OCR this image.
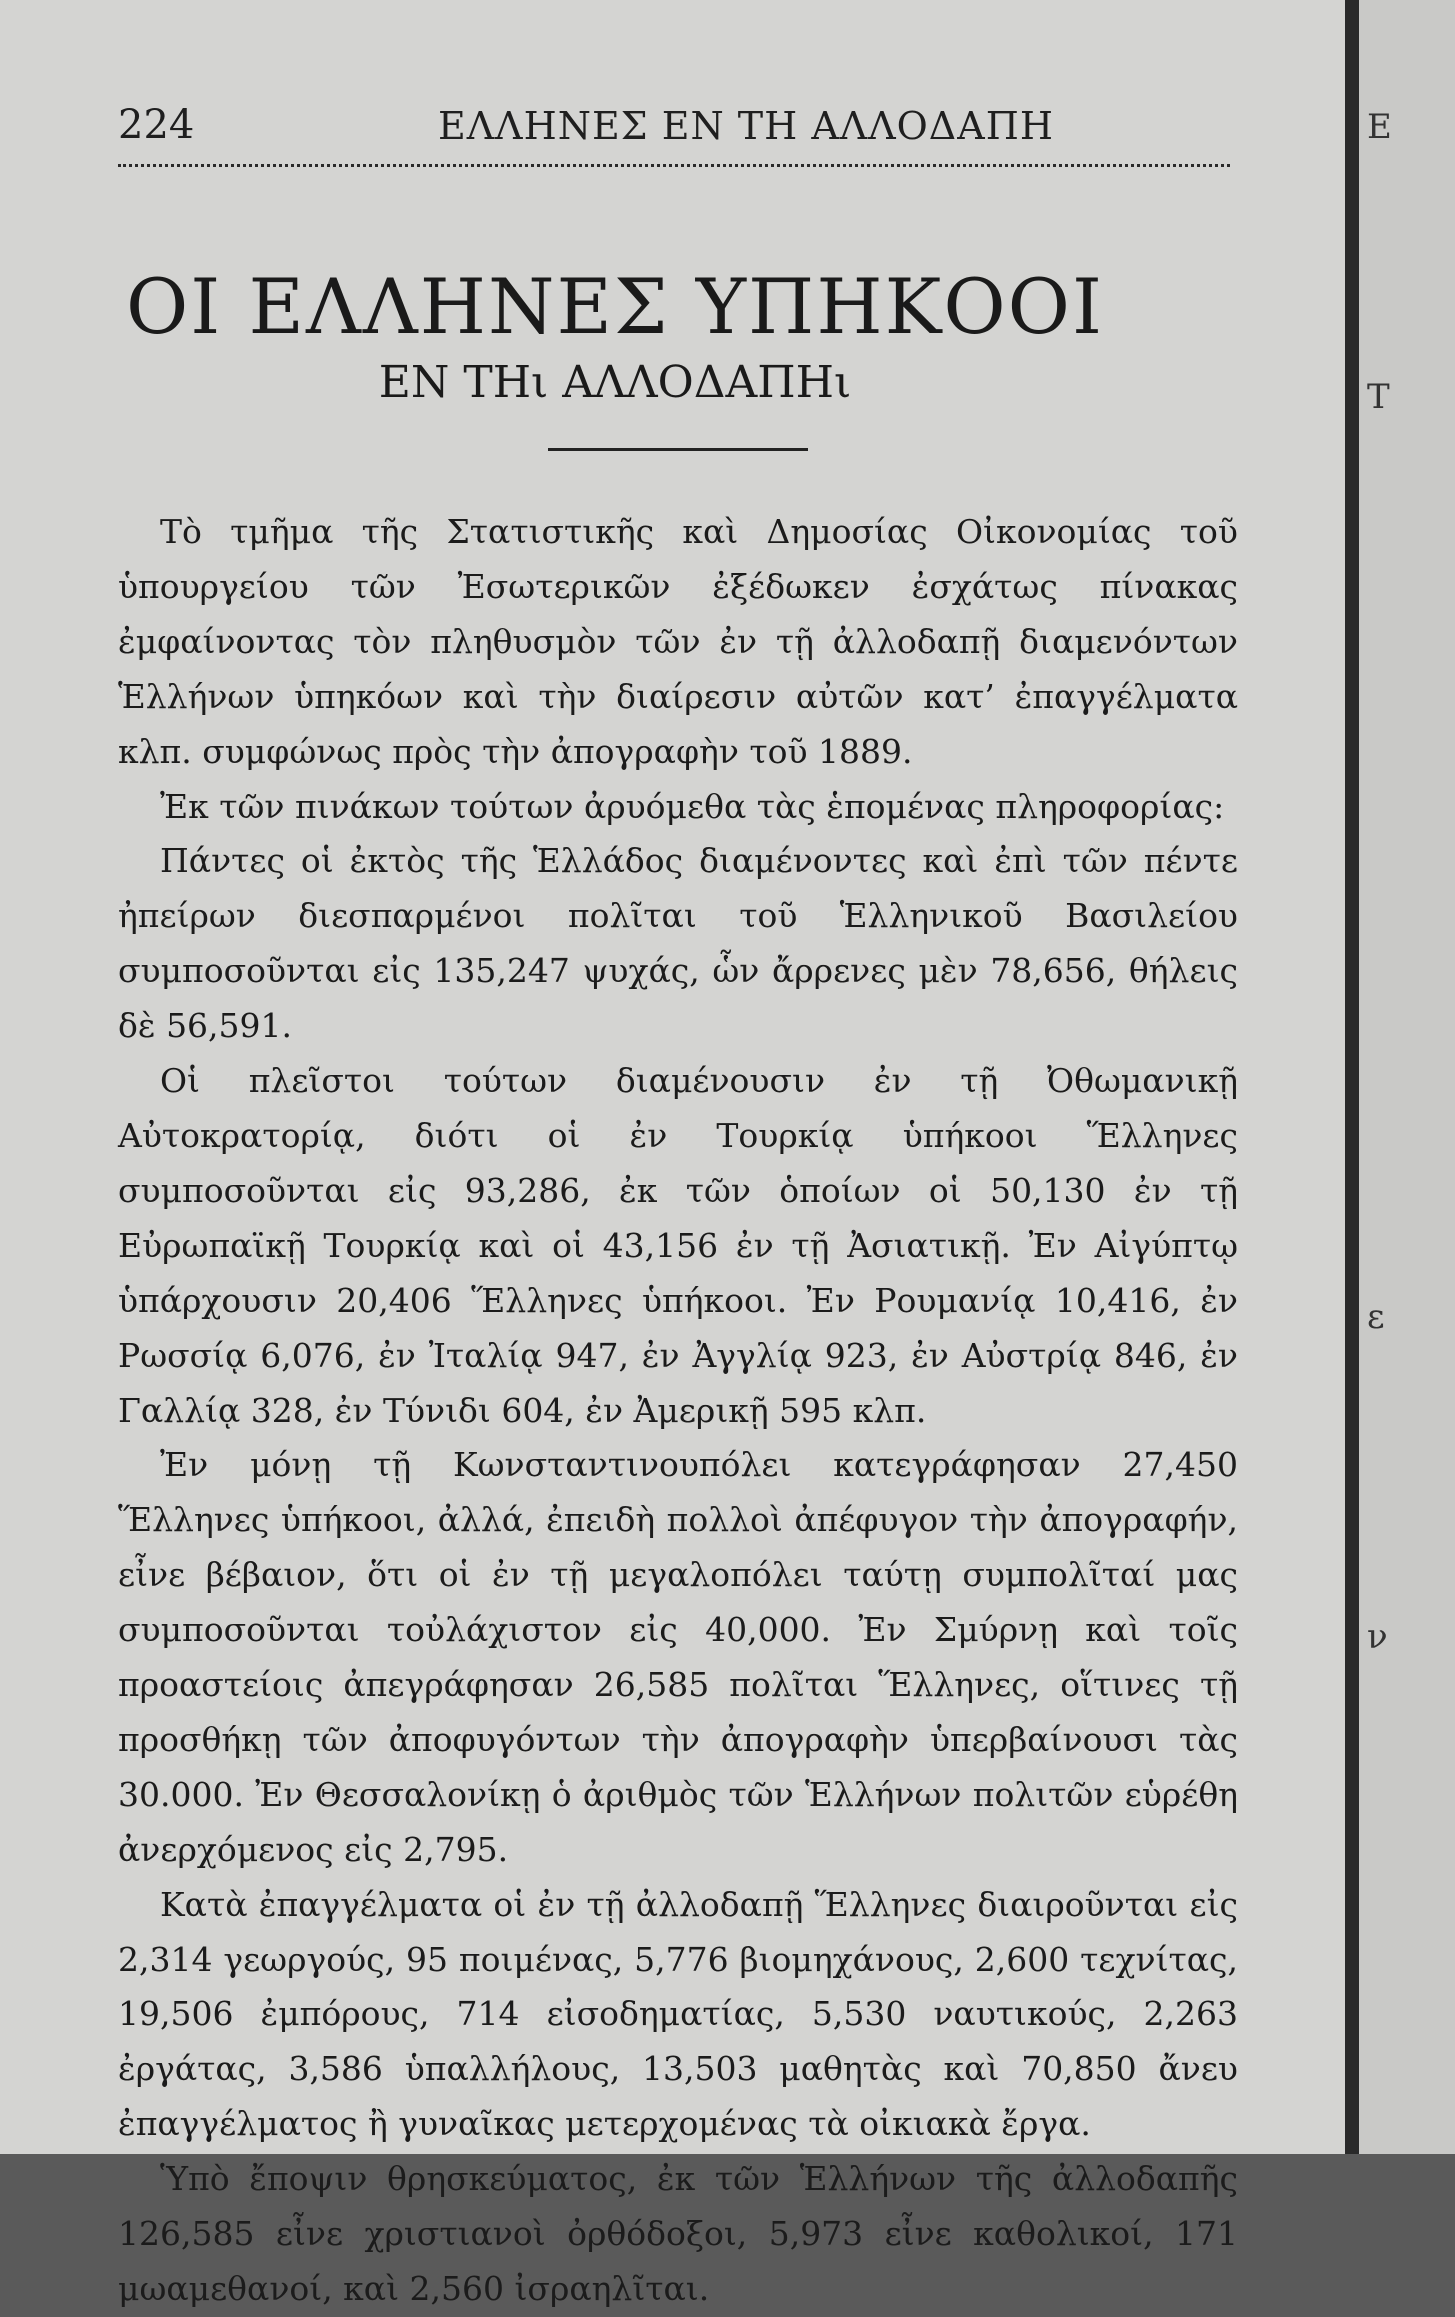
224	ΕΛΛΗΝΕΣ ΕΝ ΤΗ ΑΛΛΟΔΑΠΗ
ΟΙ ΕΛΛΗΝΕΣ ΥΠΗΚΟΟΙ
ΕΝ ΤΗι ΑΛΛΟΔΑΠΗι

Τὸ τμῆμα τῆς Στατιστικῆς καὶ Δημοσίας Οἰκονομίας τοῦ ὑπουργείου τῶν Ἐσωτερικῶν ἐξέδωκεν ἐσχάτως πίνακας ἐμφαίνοντας τὸν πληθυσμὸν τῶν ἐν τῇ ἀλλοδαπῇ διαμενόντων Ἑλλήνων ὑπηκόων καὶ τὴν διαίρεσιν αὐτῶν κατ’ ἐπαγγέλματα κλπ. συμφώνως πρὸς τὴν ἀπογραφὴν τοῦ 1889.

Ἐκ τῶν πινάκων τούτων ἀρυόμεθα τὰς ἑπομένας πληροφορίας:

Πάντες οἱ ἐκτὸς τῆς Ἑλλάδος διαμένοντες καὶ ἐπὶ τῶν πέντε ἠπείρων διεσπαρμένοι πολῖται τοῦ Ἑλληνικοῦ Βασιλείου συμποσοῦνται εἰς 135,247 ψυχάς, ὧν ἄρρενες μὲν 78,656, θήλεις δὲ 56,591.

Οἱ πλεῖστοι τούτων διαμένουσιν ἐν τῇ Ὀθωμανικῇ Αὐτοκρατορίᾳ, διότι οἱ ἐν Τουρκίᾳ ὑπήκοοι Ἕλληνες συμποσοῦνται εἰς 93,286, ἐκ τῶν ὁποίων οἱ 50,130 ἐν τῇ Εὐρωπαϊκῇ Τουρκίᾳ καὶ οἱ 43,156 ἐν τῇ Ἀσιατικῇ. Ἐν Αἰγύπτῳ ὑπάρχουσιν 20,406 Ἕλληνες ὑπήκοοι. Ἐν Ρουμανίᾳ 10,416, ἐν Ρωσσίᾳ 6,076, ἐν Ἰταλίᾳ 947, ἐν Ἀγγλίᾳ 923, ἐν Αὐστρίᾳ 846, ἐν Γαλλίᾳ 328, ἐν Τύνιδι 604, ἐν Ἀμερικῇ 595 κλπ.

Ἐν μόνῃ τῇ Κωνσταντινουπόλει κατεγράφησαν 27,450 Ἕλληνες ὑπήκοοι, ἀλλά, ἐπειδὴ πολλοὶ ἀπέφυγον τὴν ἀπογραφήν, εἶνε βέβαιον, ὅτι οἱ ἐν τῇ μεγαλοπόλει ταύτῃ συμπολῖταί μας συμποσοῦνται τοὐλάχιστον εἰς 40,000. Ἐν Σμύρνῃ καὶ τοῖς προαστείοις ἀπεγράφησαν 26,585 πολῖται Ἕλληνες, οἵτινες τῇ προσθήκῃ τῶν ἀποφυγόντων τὴν ἀπογραφὴν ὑπερβαίνουσι τὰς 30.000. Ἐν Θεσσαλονίκῃ ὁ ἀριθμὸς τῶν Ἑλλήνων πολιτῶν εὑρέθη ἀνερχόμενος εἰς 2,795.

Κατὰ ἐπαγγέλματα οἱ ἐν τῇ ἀλλοδαπῇ Ἕλληνες διαιροῦνται εἰς 2,314 γεωργούς, 95 ποιμένας, 5,776 βιομηχάνους, 2,600 τεχνίτας, 19,506 ἐμπόρους, 714 εἰσοδηματίας, 5,530 ναυτικούς, 2,263 ἐργάτας, 3,586 ὑπαλλήλους, 13,503 μαθητὰς καὶ 70,850 ἄνευ ἐπαγγέλματος ἢ γυναῖκας μετερχομένας τὰ οἰκιακὰ ἔργα.

Ὑπὸ ἔποψιν θρησκεύματος, ἐκ τῶν Ἑλλήνων τῆς ἀλλοδαπῆς 126,585 εἶνε χριστιανοὶ ὀρθόδοξοι, 5,973 εἶνε καθολικοί, 171 μωαμεθανοί, καὶ 2,560 ἰσραηλῖται.

E
T
ε
ν
